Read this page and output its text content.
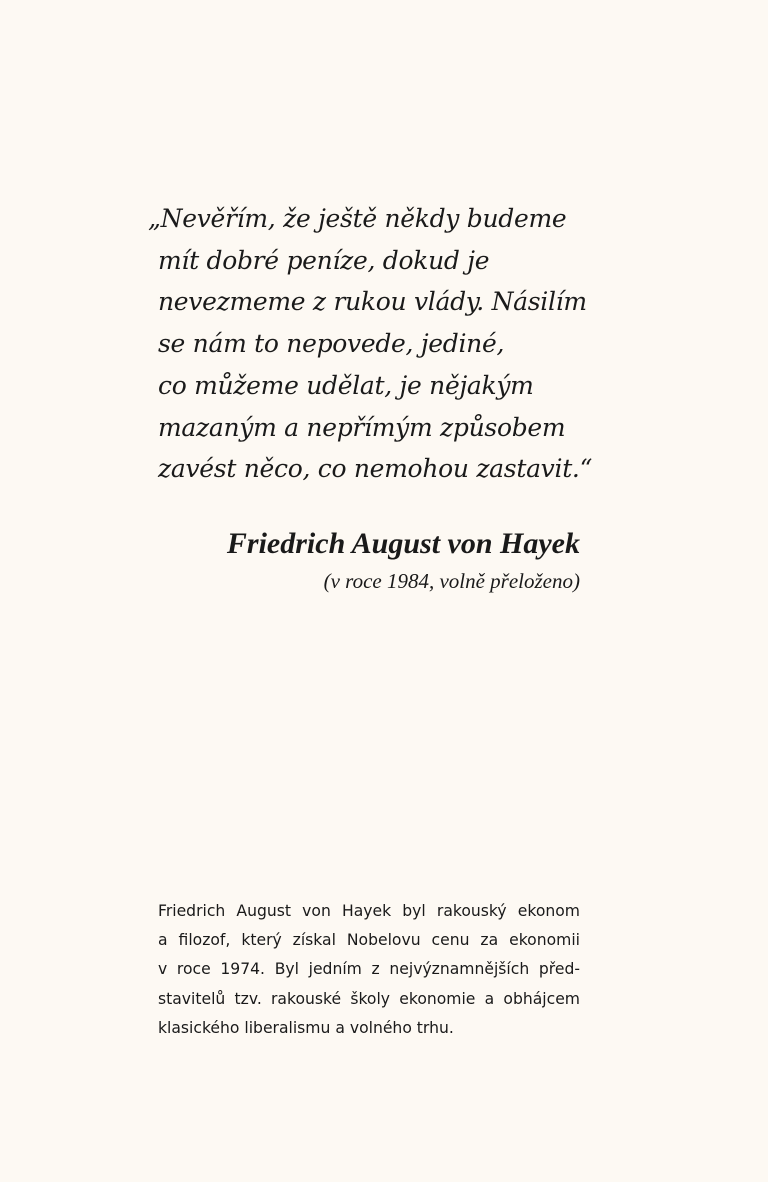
„Nevěřím, že ještě někdy budeme
mít dobré peníze, dokud je
nevezmeme z rukou vlády. Násilím
se nám to nepovede, jediné,
co můžeme udělat, je nějakým
mazaným a nepřímým způsobem
zavést něco, co nemohou zastavit.“
Friedrich August von Hayek
(v roce 1984, volně přeloženo)
Friedrich August von Hayek byl rakouský ekonom
a filozof, který získal Nobelovu cenu za ekonomii
v roce 1974. Byl jedním z nejvýznamnějších před-
stavitelů tzv. rakouské školy ekonomie a obhájcem
klasického liberalismu a volného trhu.
